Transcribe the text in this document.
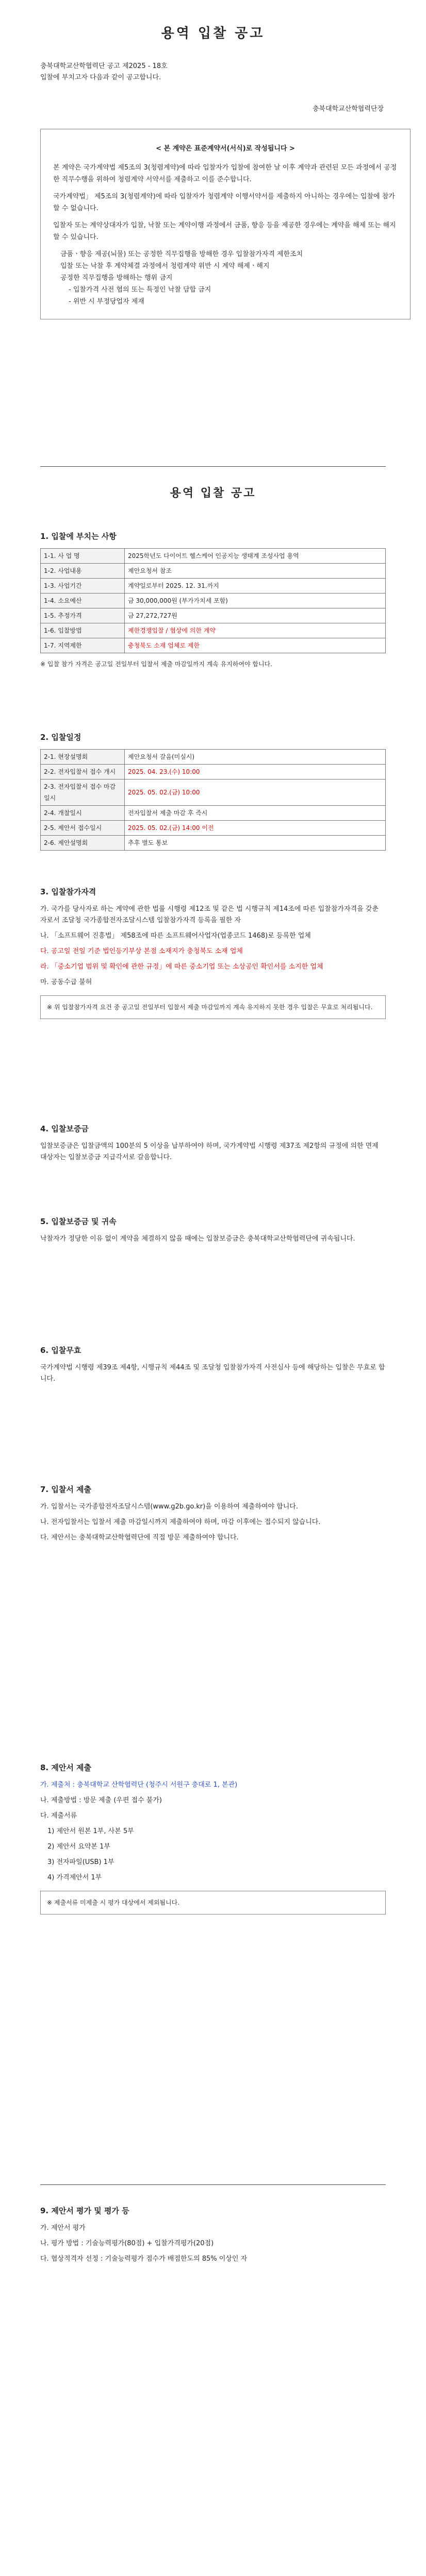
용역 입찰 공고
충북대학교산학협력단 공고 제2025 - 18호
입찰에 부치고자 다음과 같이 공고합니다.
충북대학교산학협력단장
< 본 계약은 표준계약서(서식)로 작성됩니다 >

본 계약은 국가계약법 제5조의 3(청렴계약)에 따라 입찰자가 입찰에 참여한 날 이후 계약과 관련된 모든 과정에서 공정한 직무수행을 위하여 청렴계약 서약서를 제출하고 이를 준수합니다.

국가계약법」 제5조의 3(청렴계약)에 따라 입찰자가 청렴계약 이행서약서를 제출하지 아니하는 경우에는 입찰에 참가할 수 없습니다.

입찰자 또는 계약상대자가 입찰, 낙찰 또는 계약이행 과정에서 금품, 향응 등을 제공한 경우에는 계약을 해제 또는 해지할 수 있습니다.

금품ㆍ향응 제공(뇌물) 또는 공정한 직무집행을 방해한 경우 입찰참가자격 제한조치
입찰 또는 낙찰 후 계약체결 과정에서 청렴계약 위반 시 계약 해제ㆍ해지
공정한 직무집행을 방해하는 행위 금지
- 입찰가격 사전 협의 또는 특정인 낙찰 담합 금지
- 위반 시 부정당업자 제재
용역 입찰 공고
1. 입찰에 부치는 사항
1-1. 사 업 명	2025학년도 다이어트 헬스케어 인공지능 생태계 조성사업 용역
1-2. 사업내용	제안요청서 참조
1-3. 사업기간	계약일로부터 2025. 12. 31.까지
1-4. 소요예산	금 30,000,000원 (부가가치세 포함)
1-5. 추정가격	금 27,272,727원
1-6. 입찰방법	제한경쟁입찰 / 협상에 의한 계약
1-7. 지역제한	충청북도 소재 업체로 제한
※ 입찰 참가 자격은 공고일 전일부터 입찰서 제출 마감일까지 계속 유지하여야 합니다.
2. 입찰일정
2-1. 현장설명회	제안요청서 갈음(미실시)
2-2. 전자입찰서 접수 개시	2025. 04. 23.(수) 10:00
2-3. 전자입찰서 접수 마감일시	2025. 05. 02.(금) 10:00
2-4. 개찰일시	전자입찰서 제출 마감 후 즉시
2-5. 제안서 접수일시	2025. 05. 02.(금) 14:00 이전
2-6. 제안설명회	추후 별도 통보
3. 입찰참가자격
가. 국가를 당사자로 하는 계약에 관한 법률 시행령 제12조 및 같은 법 시행규칙 제14조에 따른 입찰참가자격을 갖춘 자로서 조달청 국가종합전자조달시스템 입찰참가자격 등록을 필한 자
나. 「소프트웨어 진흥법」 제58조에 따른 소프트웨어사업자(업종코드 1468)로 등록한 업체
다. 공고일 전일 기준 법인등기부상 본점 소재지가 충청북도 소재 업체
라. 「중소기업 범위 및 확인에 관한 규정」에 따른 중소기업 또는 소상공인 확인서를 소지한 업체
마. 공동수급 불허
※ 위 입찰참가자격 요건 중 공고일 전일부터 입찰서 제출 마감일까지 계속 유지하지 못한 경우 입찰은 무효로 처리됩니다.
4. 입찰보증금
입찰보증금은 입찰금액의 100분의 5 이상을 납부하여야 하며, 국가계약법 시행령 제37조 제2항의 규정에 의한 면제 대상자는 입찰보증금 지급각서로 갈음합니다.
5. 입찰보증금 및 귀속
낙찰자가 정당한 이유 없이 계약을 체결하지 않을 때에는 입찰보증금은 충북대학교산학협력단에 귀속됩니다.
6. 입찰무효
국가계약법 시행령 제39조 제4항, 시행규칙 제44조 및 조달청 입찰참가자격 사전심사 등에 해당하는 입찰은 무효로 합니다.
7. 입찰서 제출
가. 입찰서는 국가종합전자조달시스템(www.g2b.go.kr)을 이용하여 제출하여야 합니다.
나. 전자입찰서는 입찰서 제출 마감일시까지 제출하여야 하며, 마감 이후에는 접수되지 않습니다.
다. 제안서는 충북대학교산학협력단에 직접 방문 제출하여야 합니다.
8. 제안서 제출
가. 제출처 : 충북대학교 산학협력단 (청주시 서원구 충대로 1, 본관)
나. 제출방법 : 방문 제출 (우편 접수 불가)
다. 제출서류
1) 제안서 원본 1부, 사본 5부
2) 제안서 요약본 1부
3) 전자파일(USB) 1부
4) 가격제안서 1부
※ 제출서류 미제출 시 평가 대상에서 제외됩니다.
9. 제안서 평가 및 평가 등
가. 제안서 평가
나. 평가 방법 : 기술능력평가(80점) + 입찰가격평가(20점)
다. 협상적격자 선정 : 기술능력평가 점수가 배점한도의 85% 이상인 자
